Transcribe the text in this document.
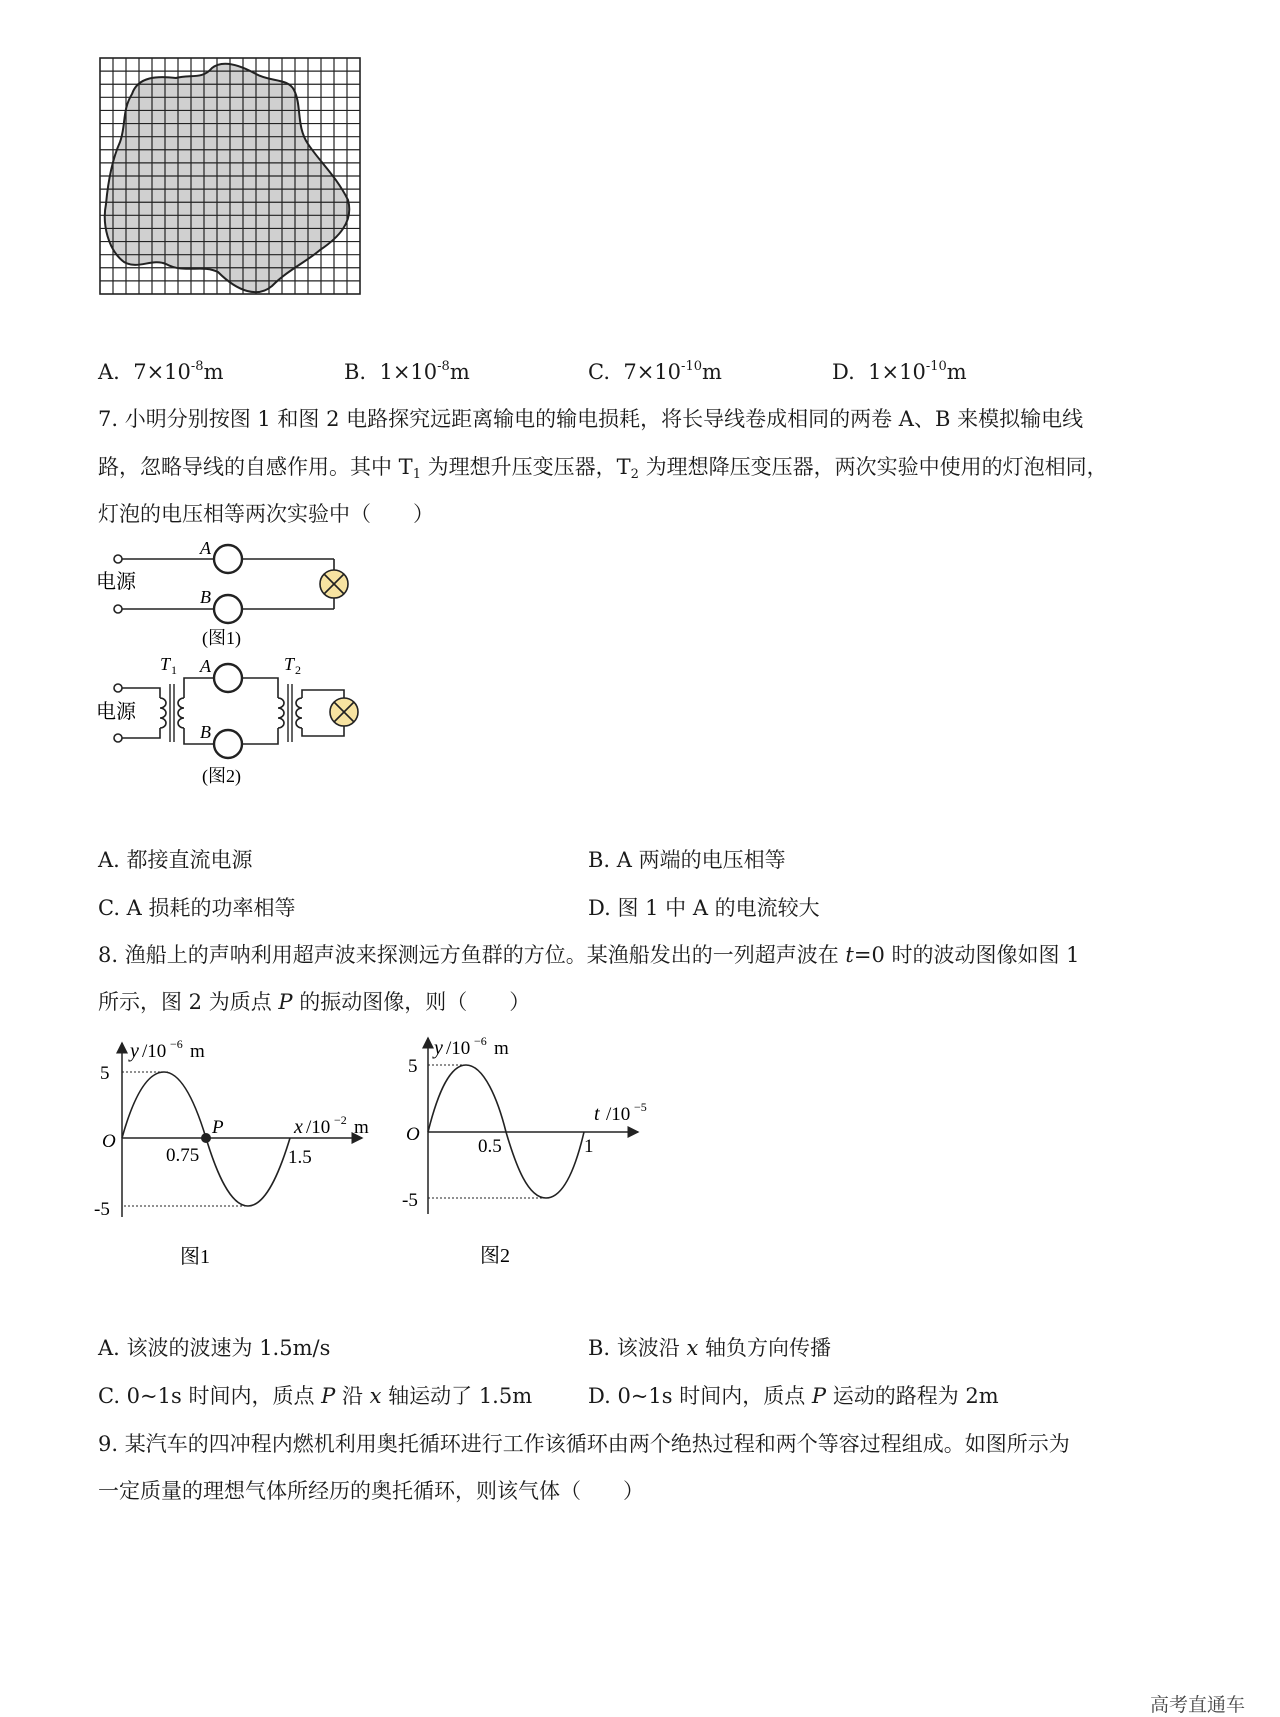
A. $7\times 10^{-8}m$	B. $1\times 10^{-8}m$	C. $7\times 10^{-10}m$	D. $1\times 10^{-10}m$
7. 小明分别按图 1 和图 2 电路探究远距离输电的输电损耗，将长导线卷成相同的两卷 A、B 来模拟输电线
路，忽略导线的自感作用。其中 $T_1$ 为理想升压变压器，$T_2$ 为理想降压变压器，两次实验中使用的灯泡相同，
灯泡的电压相等两次实验中（　　）
A
B
电源
(图1)
T 1	T 2
A
B
电源
(图2)
A. 都接直流电源	B. A 两端的电压相等
C. A 损耗的功率相等	D. 图 1 中 A 的电流较大
8. 渔船上的声呐利用超声波来探测远方鱼群的方位。某渔船发出的一列超声波在 t=0 时的波动图像如图 1
所示，图 2 为质点 P 的振动图像，则（　　）
y /10 −6 m
x /10 −2 m
5
-5
O
0.75	1.5
P
图1
y /10 −6 m
t /10 −5
5
-5
O
0.5	1
图2
A. 该波的波速为 1.5m/s	B. 该波沿 x 轴负方向传播
C. 0~1s 时间内，质点 P 沿 x 轴运动了 1.5m	D. 0~1s 时间内，质点 P 运动的路程为 2m
9. 某汽车的四冲程内燃机利用奥托循环进行工作该循环由两个绝热过程和两个等容过程组成。如图所示为
一定质量的理想气体所经历的奥托循环，则该气体（　　）
高考直通车
